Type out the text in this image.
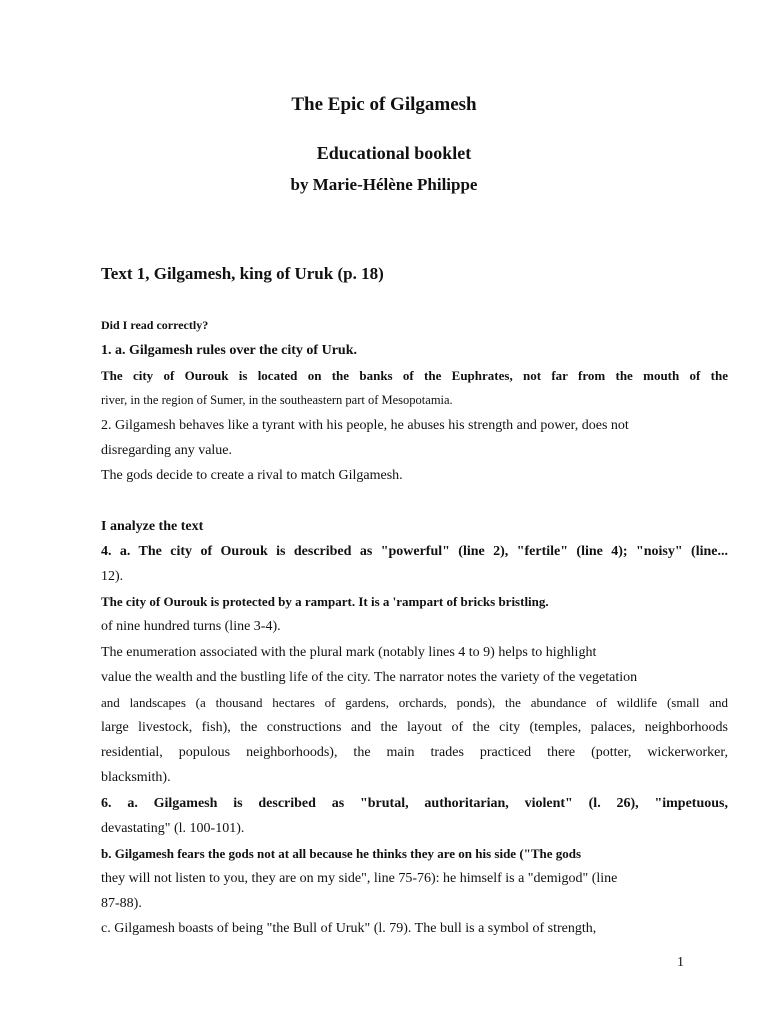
The Epic of Gilgamesh

Educational booklet

by Marie-Hélène Philippe

Text 1, Gilgamesh, king of Uruk (p. 18)

Did I read correctly?

1. a. Gilgamesh rules over the city of Uruk.

The city of Ourouk is located on the banks of the Euphrates, not far from the mouth of the

river, in the region of Sumer, in the southeastern part of Mesopotamia.

2. Gilgamesh behaves like a tyrant with his people, he abuses his strength and power, does not

disregarding any value.

The gods decide to create a rival to match Gilgamesh.

I analyze the text

4. a. The city of Ourouk is described as "powerful" (line 2), "fertile" (line 4); "noisy" (line...

12).

The city of Ourouk is protected by a rampart. It is a 'rampart of bricks bristling.

of nine hundred turns (line 3-4).

The enumeration associated with the plural mark (notably lines 4 to 9) helps to highlight

value the wealth and the bustling life of the city. The narrator notes the variety of the vegetation

and landscapes (a thousand hectares of gardens, orchards, ponds), the abundance of wildlife (small and

large livestock, fish), the constructions and the layout of the city (temples, palaces, neighborhoods

residential, populous neighborhoods), the main trades practiced there (potter, wickerworker,

blacksmith).

6. a. Gilgamesh is described as "brutal, authoritarian, violent" (l. 26), "impetuous,

devastating" (l. 100-101).

b. Gilgamesh fears the gods not at all because he thinks they are on his side ("The gods

they will not listen to you, they are on my side", line 75-76): he himself is a "demigod" (line

87-88).

c. Gilgamesh boasts of being "the Bull of Uruk" (l. 79). The bull is a symbol of strength,

1
